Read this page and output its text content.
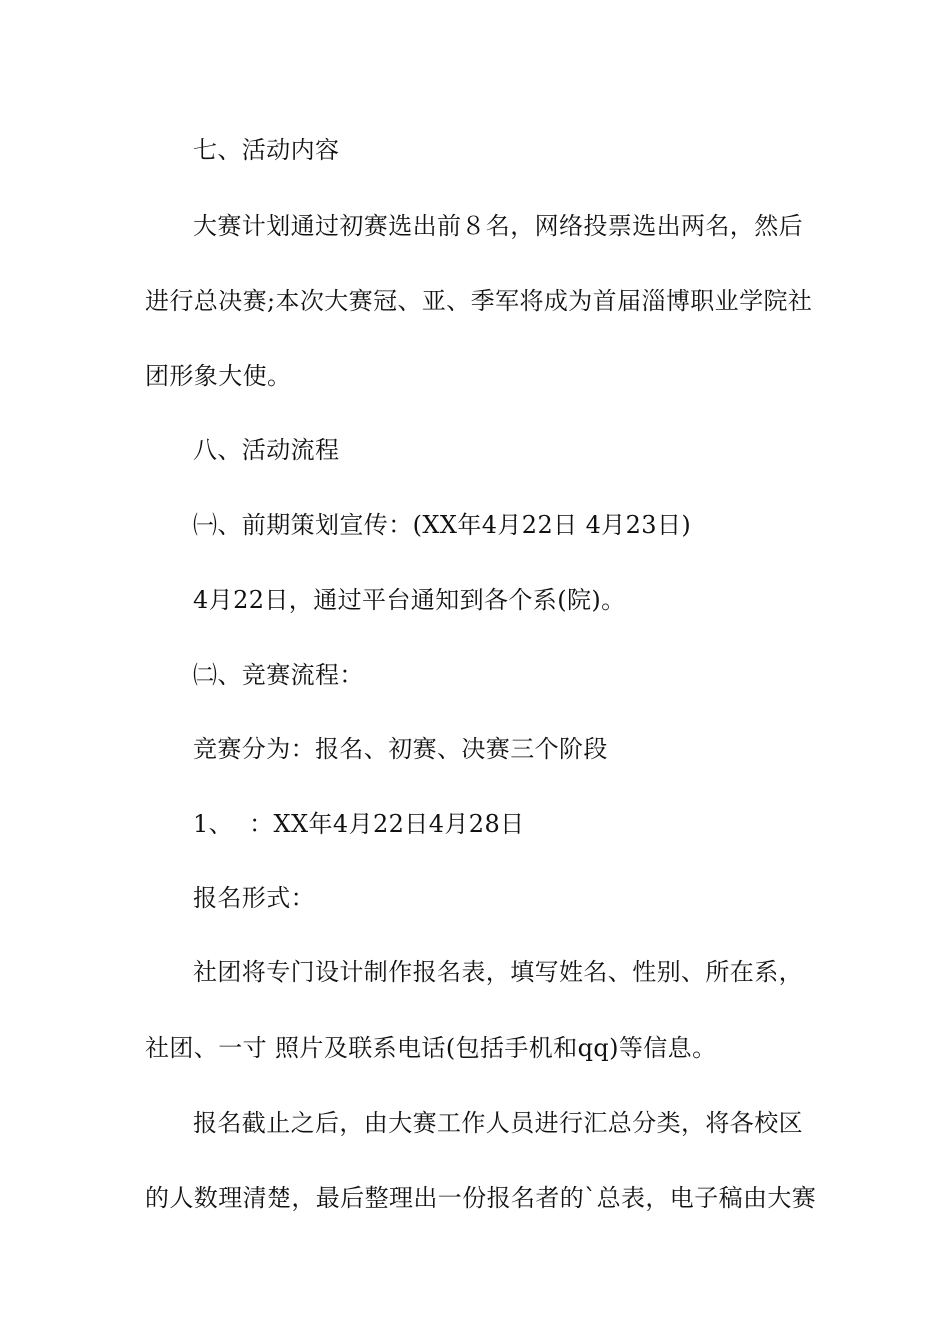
七、活动内容
大赛计划通过初赛选出前８名，网络投票选出两名，然后
进行总决赛;本次大赛冠、亚、季军将成为首届淄博职业学院社
团形象大使。
八、活动流程
㈠、前期策划宣传：(XX年4月22日 4月23日)
4月22日，通过平台通知到各个系(院)。
㈡、竞赛流程：
竞赛分为：报名、初赛、决赛三个阶段
1、  ：XX年4月22日4月28日
报名形式：
社团将专门设计制作报名表，填写姓名、性别、所在系，
社团、一寸 照片及联系电话(包括手机和qq)等信息。
报名截止之后，由大赛工作人员进行汇总分类，将各校区
的人数理清楚，最后整理出一份报名者的`总表，电子稿由大赛
